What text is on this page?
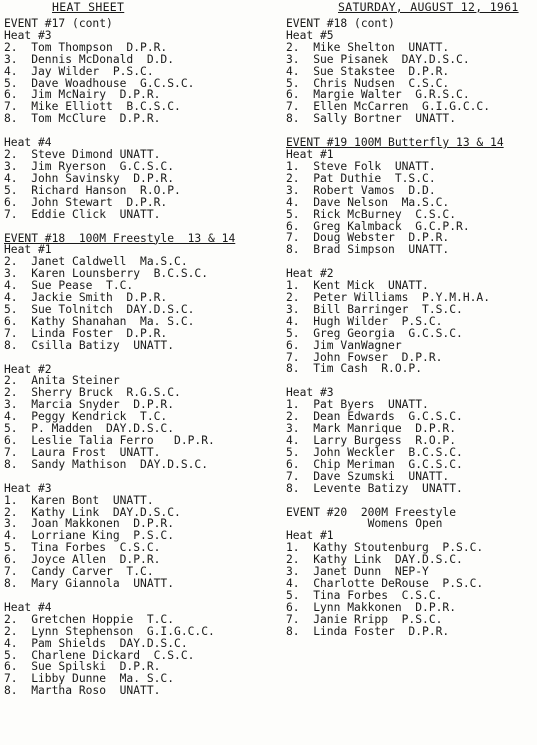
HEAT SHEET	SATURDAY, AUGUST 12, 1961
EVENT #17 (cont)
Heat #3
2.  Tom Thompson  D.P.R.
3.  Dennis McDonald  D.D.
4.  Jay Wilder  P.S.C.
5.  Dave Woadhouse  G.C.S.C.
6.  Jim McNairy  D.P.R.
7.  Mike Elliott  B.C.S.C.
8.  Tom McClure  D.P.R.
Heat #4
2.  Steve Dimond UNATT.
3.  Jim Ryerson  G.C.S.C.
4.  John Savinsky  D.P.R.
5.  Richard Hanson  R.O.P.
6.  John Stewart  D.P.R.
7.  Eddie Click  UNATT.
EVENT #18  100M Freestyle  13 & 14
Heat #1
2.  Janet Caldwell  Ma.S.C.
3.  Karen Lounsberry  B.C.S.C.
4.  Sue Pease  T.C.
4.  Jackie Smith  D.P.R.
5.  Sue Tolnitch  DAY.D.S.C.
6.  Kathy Shanahan  Ma. S.C.
7.  Linda Foster  D.P.R.
8.  Csilla Batizy  UNATT.
Heat #2
2.  Anita Steiner
2.  Sherry Bruck  R.G.S.C.
3.  Marcia Snyder  D.P.R.
4.  Peggy Kendrick  T.C.
5.  P. Madden  DAY.D.S.C.
6.  Leslie Talia Ferro   D.P.R.
7.  Laura Frost  UNATT.
8.  Sandy Mathison  DAY.D.S.C.
Heat #3
1.  Karen Bont  UNATT.
2.  Kathy Link  DAY.D.S.C.
3.  Joan Makkonen  D.P.R.
4.  Lorriane King  P.S.C.
5.  Tina Forbes  C.S.C.
6.  Joyce Allen  D.P.R.
7.  Candy Carver  T.C.
8.  Mary Giannola  UNATT.
Heat #4
2.  Gretchen Hoppie  T.C.
2.  Lynn Stephenson  G.I.G.C.C.
4.  Pam Shields  DAY.D.S.C.
5.  Charlene Dickard  C.S.C.
6.  Sue Spilski  D.P.R.
7.  Libby Dunne  Ma. S.C.
8.  Martha Roso  UNATT.
EVENT #18 (cont)
Heat #5
2.  Mike Shelton  UNATT.
3.  Sue Pisanek  DAY.D.S.C.
4.  Sue Stakstee  D.P.R.
5.  Chris Nudsen  C.S.C.
6.  Margie Walter  G.R.S.C.
7.  Ellen McCarren  G.I.G.C.C.
8.  Sally Bortner  UNATT.
EVENT #19 100M Butterfly 13 & 14
Heat #1
1.  Steve Folk  UNATT.
2.  Pat Duthie  T.S.C.
3.  Robert Vamos  D.D.
4.  Dave Nelson  Ma.S.C.
5.  Rick McBurney  C.S.C.
6.  Greg Kalmback  G.C.P.R.
7.  Doug Webster  D.P.R.
8.  Brad Simpson  UNATT.
Heat #2
1.  Kent Mick  UNATT.
2.  Peter Williams  P.Y.M.H.A.
3.  Bill Barringer  T.S.C.
4.  Hugh Wilder  P.S.C.
5.  Greg Georgia  G.C.S.C.
6.  Jim VanWagner
7.  John Fowser  D.P.R.
8.  Tim Cash  R.O.P.
Heat #3
1.  Pat Byers  UNATT.
2.  Dean Edwards  G.C.S.C.
3.  Mark Manrique  D.P.R.
4.  Larry Burgess  R.O.P.
5.  John Weckler  B.C.S.C.
6.  Chip Meriman  G.C.S.C.
7.  Dave Szumski  UNATT.
8.  Levente Batizy  UNATT.
EVENT #20  200M Freestyle
Womens Open
Heat #1
1.  Kathy Stoutenburg  P.S.C.
2.  Kathy Link  DAY.D.S.C.
3.  Janet Dunn  NEP-Y
4.  Charlotte DeRouse  P.S.C.
5.  Tina Forbes  C.S.C.
6.  Lynn Makkonen  D.P.R.
7.  Janie Rripp  P.S.C.
8.  Linda Foster  D.P.R.
